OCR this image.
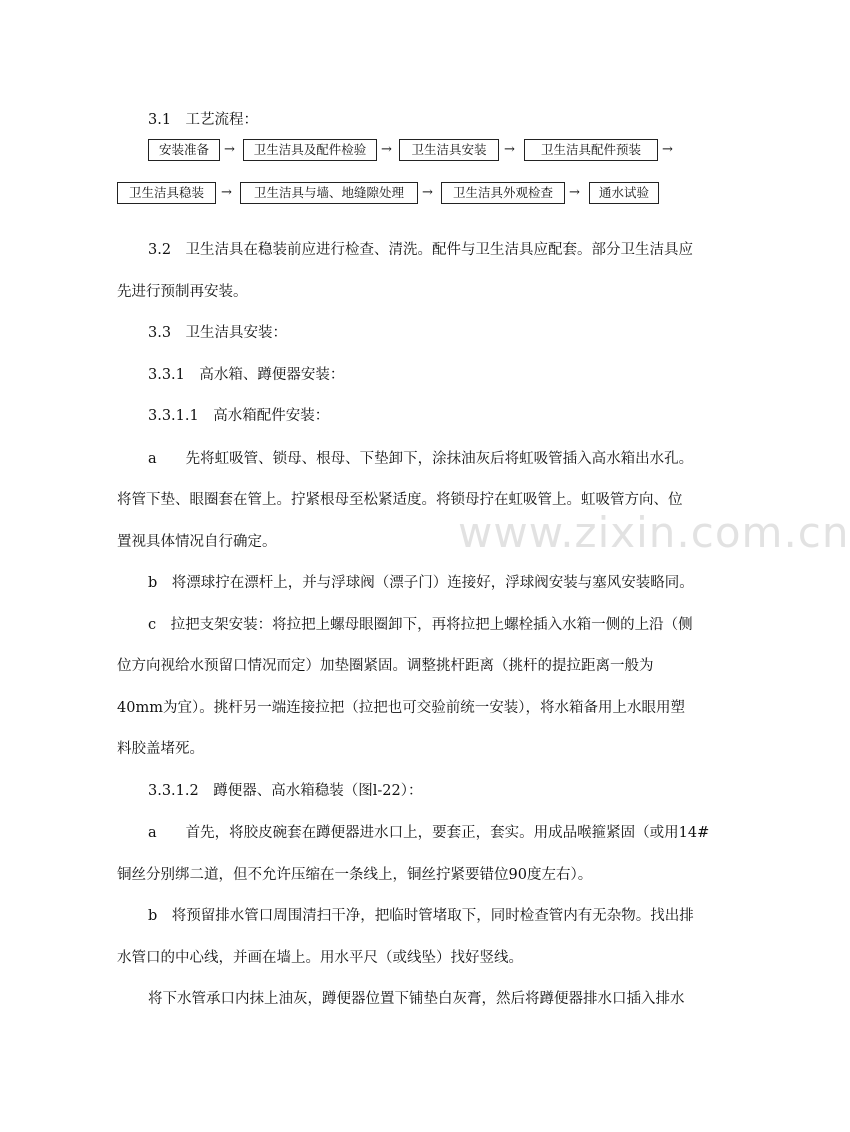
3.1　工艺流程：
安装准备	→	卫生洁具及配件检验	→	卫生洁具安装	→	卫生洁具配件预装	→
卫生洁具稳装	→	卫生洁具与墙、地缝隙处理	→	卫生洁具外观检查	→	通水试验
3.2　卫生洁具在稳装前应进行检查、清洗。配件与卫生洁具应配套。部分卫生洁具应
先进行预制再安装。
3.3　卫生洁具安装：
3.3.1　高水箱、蹲便器安装：
3.3.1.1　高水箱配件安装：
a　　先将虹吸管、锁母、根母、下垫卸下，涂抹油灰后将虹吸管插入高水箱出水孔。
将管下垫、眼圈套在管上。拧紧根母至松紧适度。将锁母拧在虹吸管上。虹吸管方向、位
置视具体情况自行确定。
b　将漂球拧在漂杆上，并与浮球阀（漂子门）连接好，浮球阀安装与塞风安装略同。
c　拉把支架安装：将拉把上螺母眼圈卸下，再将拉把上螺栓插入水箱一侧的上沿（侧
位方向视给水预留口情况而定）加垫圈紧固。调整挑杆距离（挑杆的提拉距离一般为
40mm为宜）。挑杆另一端连接拉把（拉把也可交验前统一安装），将水箱备用上水眼用塑
料胶盖堵死。
3.3.1.2　蹲便器、高水箱稳装（图l-22）：
a　　首先，将胶皮碗套在蹲便器进水口上，要套正，套实。用成品喉箍紧固（或用14#
铜丝分别绑二道，但不允许压缩在一条线上，铜丝拧紧要错位90度左右）。
b　将预留排水管口周围清扫干净，把临时管堵取下，同时检查管内有无杂物。找出排
水管口的中心线，并画在墙上。用水平尺（或线坠）找好竖线。
将下水管承口内抹上油灰，蹲便器位置下铺垫白灰膏，然后将蹲便器排水口插入排水
www.zixin.com.cn
